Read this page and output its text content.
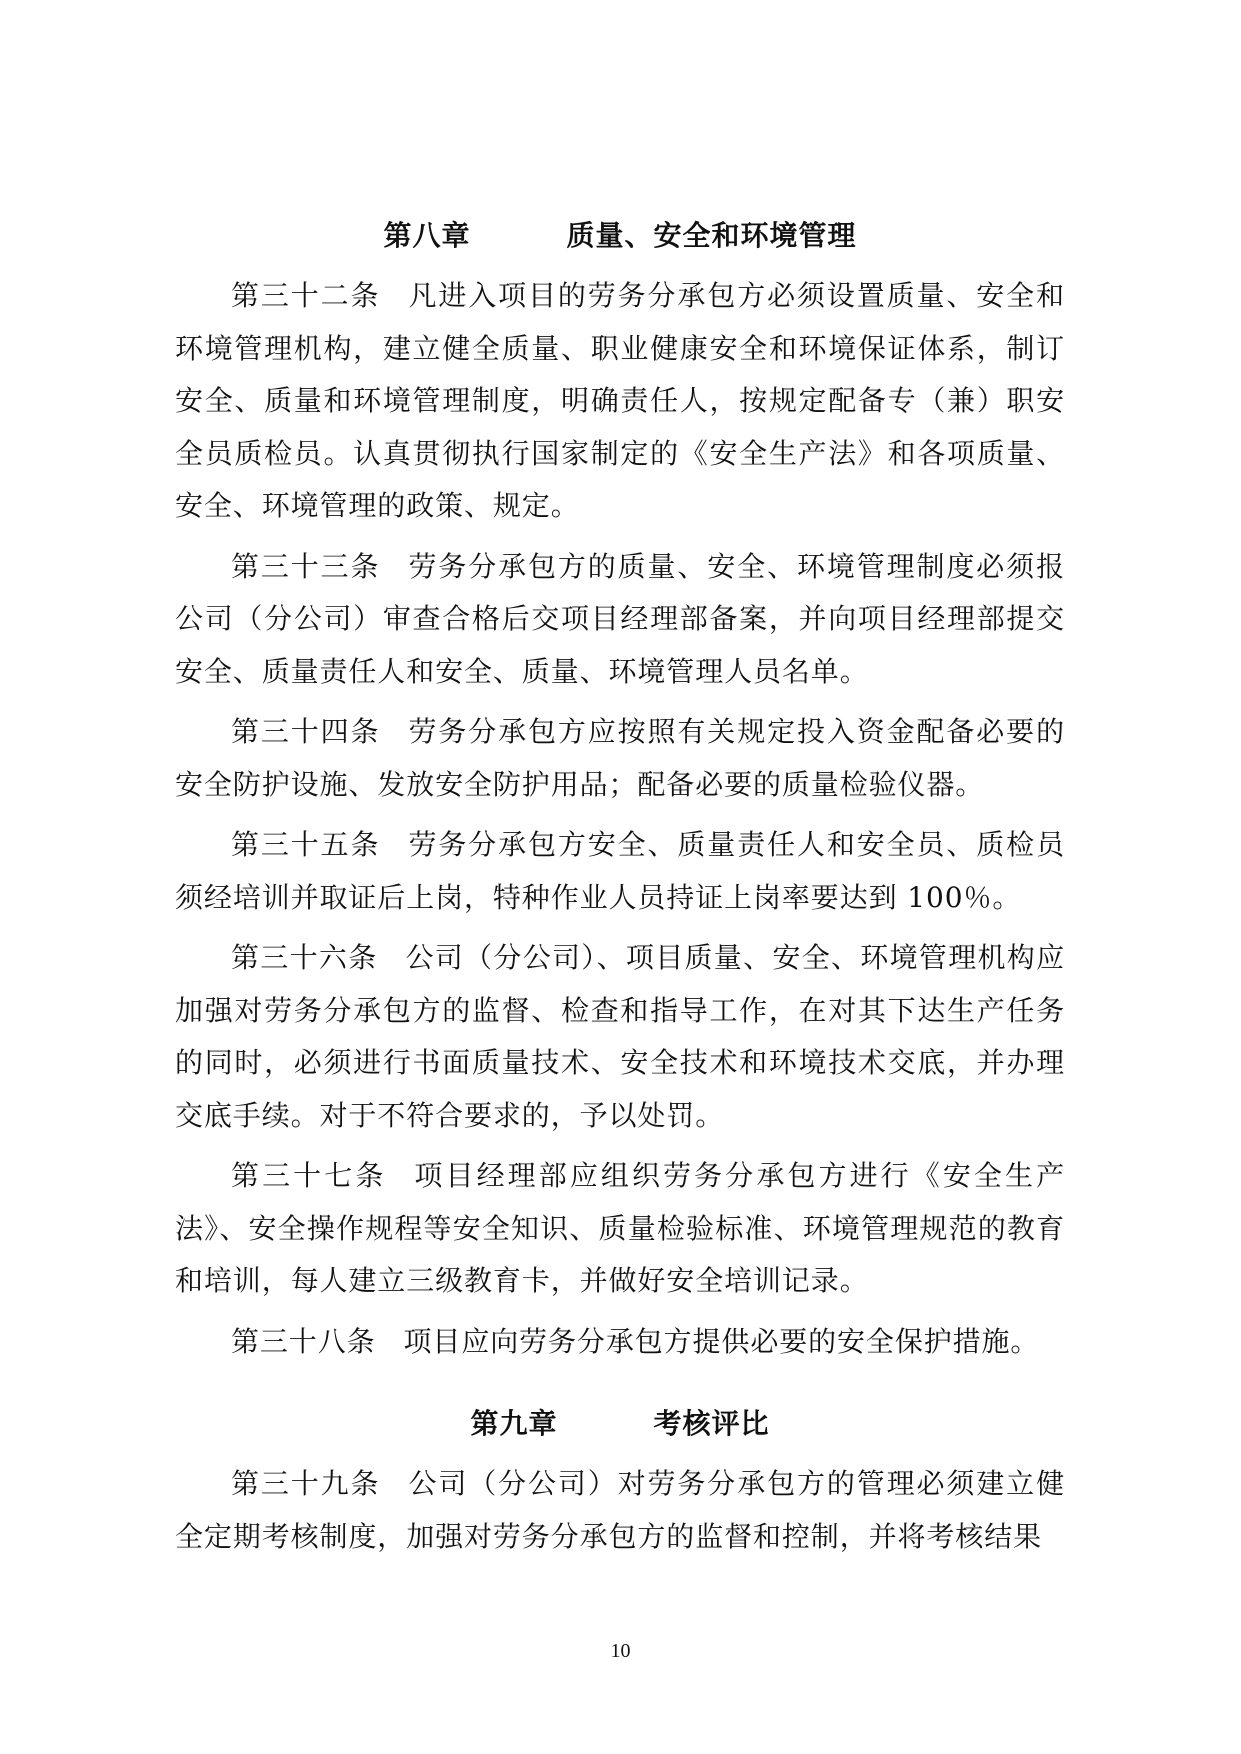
第八章	质量、安全和环境管理

第三十二条 凡进入项目的劳务分承包方必须设置质量、安全和环境管理机构，建立健全质量、职业健康安全和环境保证体系，制订安全、质量和环境管理制度，明确责任人，按规定配备专（兼）职安全员质检员。认真贯彻执行国家制定的《安全生产法》和各项质量、安全、环境管理的政策、规定。

第三十三条 劳务分承包方的质量、安全、环境管理制度必须报公司（分公司）审查合格后交项目经理部备案，并向项目经理部提交安全、质量责任人和安全、质量、环境管理人员名单。

第三十四条 劳务分承包方应按照有关规定投入资金配备必要的安全防护设施、发放安全防护用品；配备必要的质量检验仪器。

第三十五条 劳务分承包方安全、质量责任人和安全员、质检员须经培训并取证后上岗，特种作业人员持证上岗率要达到 100％。

第三十六条 公司（分公司）、项目质量、安全、环境管理机构应加强对劳务分承包方的监督、检查和指导工作，在对其下达生产任务的同时，必须进行书面质量技术、安全技术和环境技术交底，并办理交底手续。对于不符合要求的，予以处罚。

第三十七条 项目经理部应组织劳务分承包方进行《安全生产法》、安全操作规程等安全知识、质量检验标准、环境管理规范的教育和培训，每人建立三级教育卡，并做好安全培训记录。

第三十八条 项目应向劳务分承包方提供必要的安全保护措施。

第九章	考核评比

第三十九条 公司（分公司）对劳务分承包方的管理必须建立健全定期考核制度，加强对劳务分承包方的监督和控制，并将考核结果

10
